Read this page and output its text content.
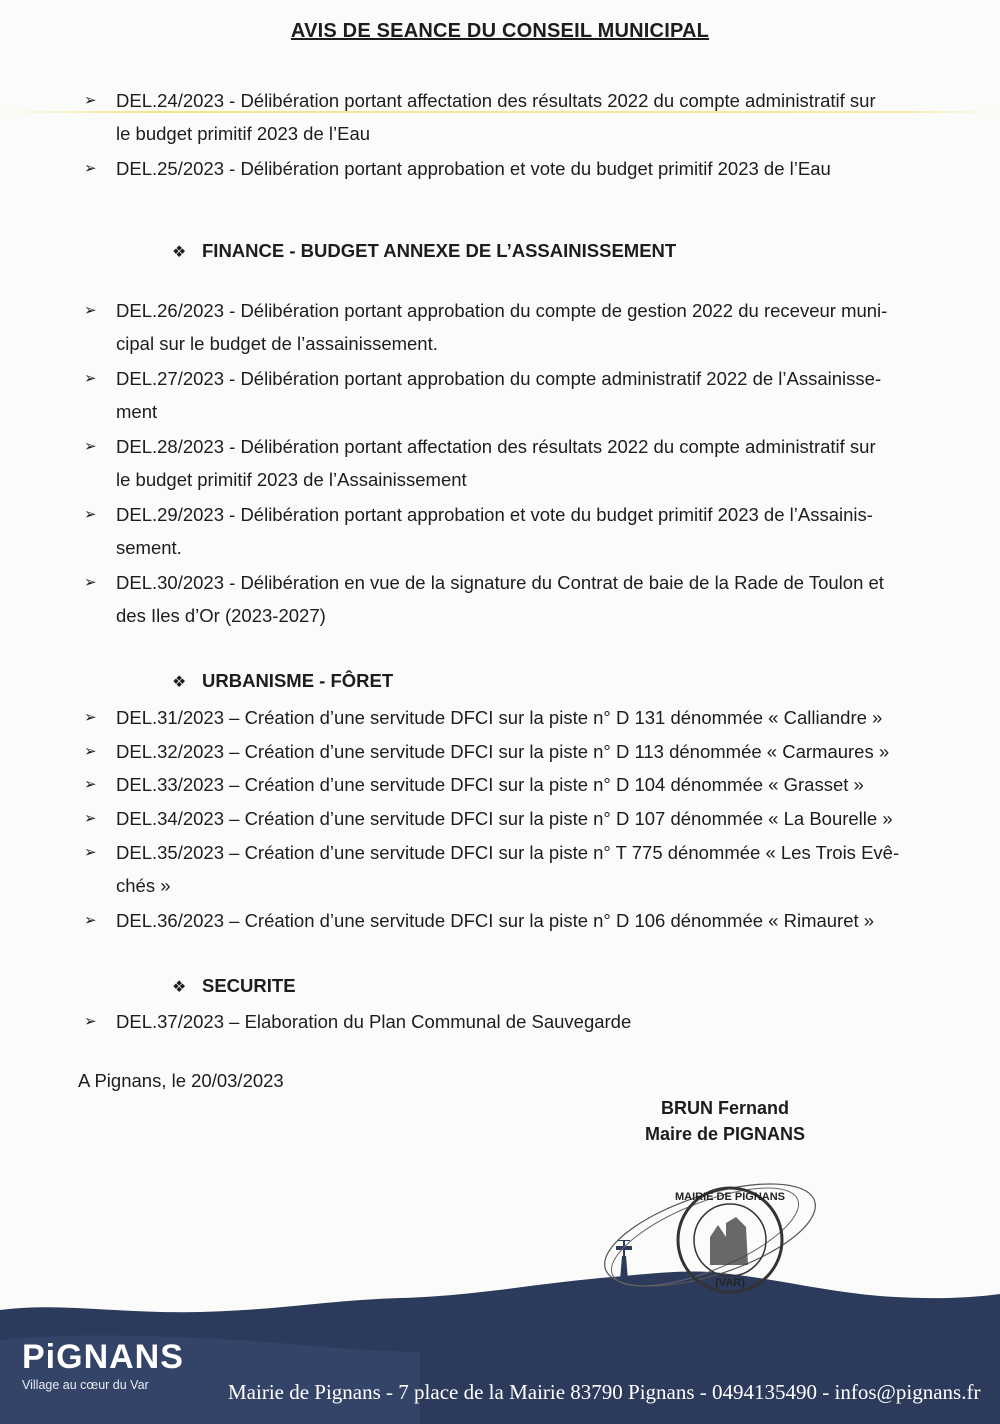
AVIS DE SEANCE DU CONSEIL MUNICIPAL
➢	DEL.24/2023 - Délibération portant affectation des résultats 2022 du compte administratif sur
le budget primitif 2023 de l’Eau
➢	DEL.25/2023 - Délibération portant approbation et vote du budget primitif 2023 de l’Eau
❖ FINANCE - BUDGET ANNEXE DE L’ASSAINISSEMENT
➢	DEL.26/2023 - Délibération portant approbation du compte de gestion 2022 du receveur muni-
cipal sur le budget de l’assainissement.
➢	DEL.27/2023 - Délibération portant approbation du compte administratif 2022 de l’Assainisse-
ment
➢	DEL.28/2023 - Délibération portant affectation des résultats 2022 du compte administratif sur
le budget primitif 2023 de l’Assainissement
➢	DEL.29/2023 - Délibération portant approbation et vote du budget primitif 2023 de l’Assainis-
sement.
➢	DEL.30/2023 - Délibération en vue de la signature du Contrat de baie de la Rade de Toulon et
des Iles d’Or (2023-2027)
❖ URBANISME - FÔRET
➢	DEL.31/2023 – Création d’une servitude DFCI sur la piste n° D 131 dénommée « Calliandre »
➢	DEL.32/2023 – Création d’une servitude DFCI sur la piste n° D 113 dénommée « Carmaures »
➢	DEL.33/2023 – Création d’une servitude DFCI sur la piste n° D 104 dénommée « Grasset »
➢	DEL.34/2023 – Création d’une servitude DFCI sur la piste n° D 107 dénommée « La Bourelle »
➢	DEL.35/2023 – Création d’une servitude DFCI sur la piste n° T 775 dénommée « Les Trois Evê-
chés »
➢	DEL.36/2023 – Création d’une servitude DFCI sur la piste n° D 106 dénommée « Rimauret »
❖ SECURITE
➢	DEL.37/2023 – Elaboration du Plan Communal de Sauvegarde
A Pignans, le 20/03/2023
BRUN Fernand
Maire de PIGNANS
MAIRIE DE PIGNANS
(VAR)
PiGNANS
Village au cœur du Var	Mairie de Pignans - 7 place de la Mairie 83790 Pignans - 0494135490 - infos@pignans.fr
